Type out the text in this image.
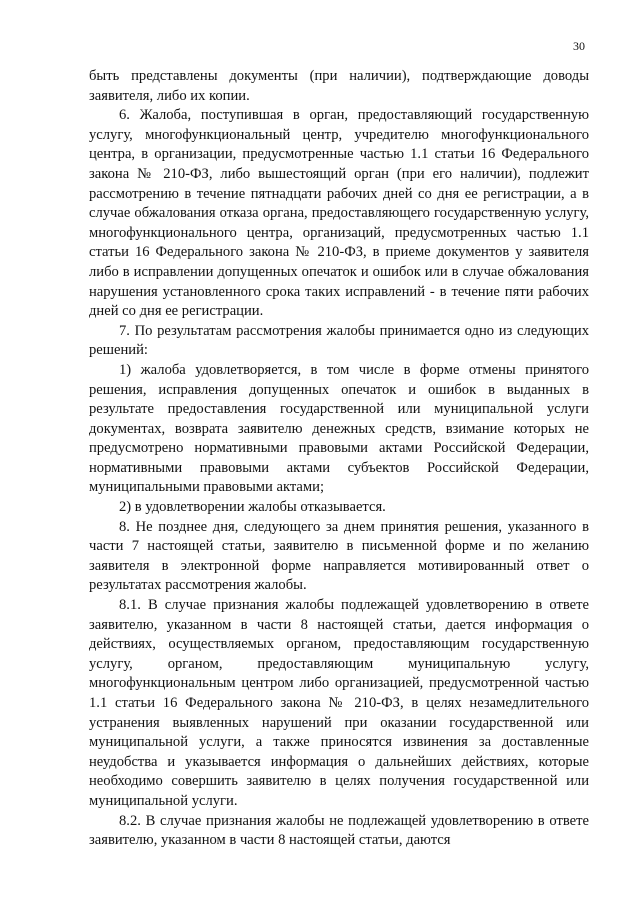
30

быть представлены документы (при наличии), подтверждающие доводы заявителя, либо их копии.

6. Жалоба, поступившая в орган, предоставляющий государственную услугу, многофункциональный центр, учредителю многофункционального центра, в организации, предусмотренные частью 1.1 статьи 16 Федерального закона № 210-ФЗ, либо вышестоящий орган (при его наличии), подлежит рассмотрению в течение пятнадцати рабочих дней со дня ее регистрации, а в случае обжалования отказа органа, предоставляющего государственную услугу, многофункционального центра, организаций, предусмотренных частью 1.1 статьи 16 Федерального закона № 210-ФЗ, в приеме документов у заявителя либо в исправлении допущенных опечаток и ошибок или в случае обжалования нарушения установленного срока таких исправлений - в течение пяти рабочих дней со дня ее регистрации.

7. По результатам рассмотрения жалобы принимается одно из следующих решений:

1) жалоба удовлетворяется, в том числе в форме отмены принятого решения, исправления допущенных опечаток и ошибок в выданных в результате предоставления государственной или муниципальной услуги документах, возврата заявителю денежных средств, взимание которых не предусмотрено нормативными правовыми актами Российской Федерации, нормативными правовыми актами субъектов Российской Федерации, муниципальными правовыми актами;

2) в удовлетворении жалобы отказывается.

8. Не позднее дня, следующего за днем принятия решения, указанного в части 7 настоящей статьи, заявителю в письменной форме и по желанию заявителя в электронной форме направляется мотивированный ответ о результатах рассмотрения жалобы.

8.1. В случае признания жалобы подлежащей удовлетворению в ответе заявителю, указанном в части 8 настоящей статьи, дается информация о действиях, осуществляемых органом, предоставляющим государственную услугу, органом, предоставляющим муниципальную услугу, многофункциональным центром либо организацией, предусмотренной частью 1.1 статьи 16 Федерального закона № 210-ФЗ, в целях незамедлительного устранения выявленных нарушений при оказании государственной или муниципальной услуги, а также приносятся извинения за доставленные неудобства и указывается информация о дальнейших действиях, которые необходимо совершить заявителю в целях получения государственной или муниципальной услуги.

8.2. В случае признания жалобы не подлежащей удовлетворению в ответе заявителю, указанном в части 8 настоящей статьи, даются
